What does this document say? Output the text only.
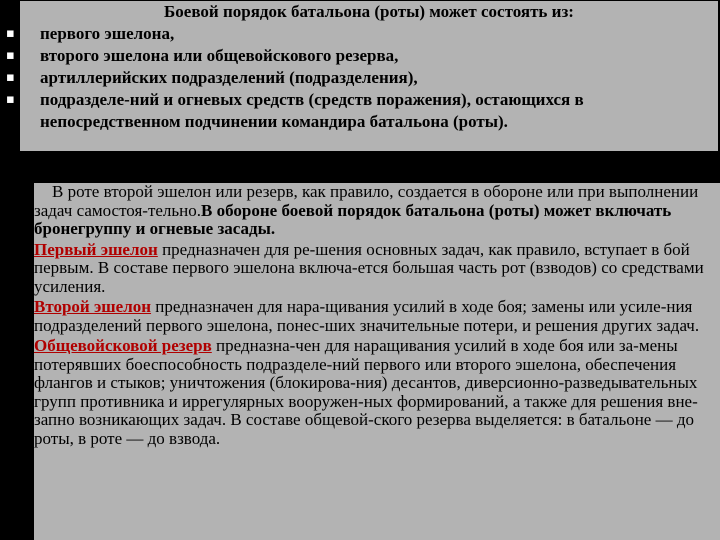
Боевой порядок батальона (роты) может состоять из:
▪ первого эшелона,
▪ второго эшелона или общевойскового резерва,
▪ артиллерийских подразделений (подразделения),
▪ подразделе-ний и огневых средств (средств поражения), остающихся в непосредственном подчинении командира батальона (роты).

В роте второй эшелон или резерв, как правило, создается в обороне или при выполнении задач самостоя-тельно.В обороне боевой порядок батальона (роты) может включать бронегруппу и огневые засады.

Первый эшелон предназначен для ре-шения основных задач, как правило, вступает в бой первым. В составе первого эшелона включа-ется большая часть рот (взводов) со средствами усиления.

Второй эшелон предназначен для нара-щивания усилий в ходе боя; замены или усиле-ния подразделений первого эшелона, понес-ших значительные потери, и решения других задач.

Общевойсковой резерв предназна-чен для наращивания усилий в ходе боя или за-мены потерявших боеспособность подразделе-ний первого или второго эшелона, обеспечения флангов и стыков; уничтожения (блокирова-ния) десантов, диверсионно-разведывательных групп противника и иррегулярных вооружен-ных формирований, а также для решения вне-запно возникающих задач. В составе общевой-ского резерва выделяется: в батальоне — до роты, в роте — до взвода.
